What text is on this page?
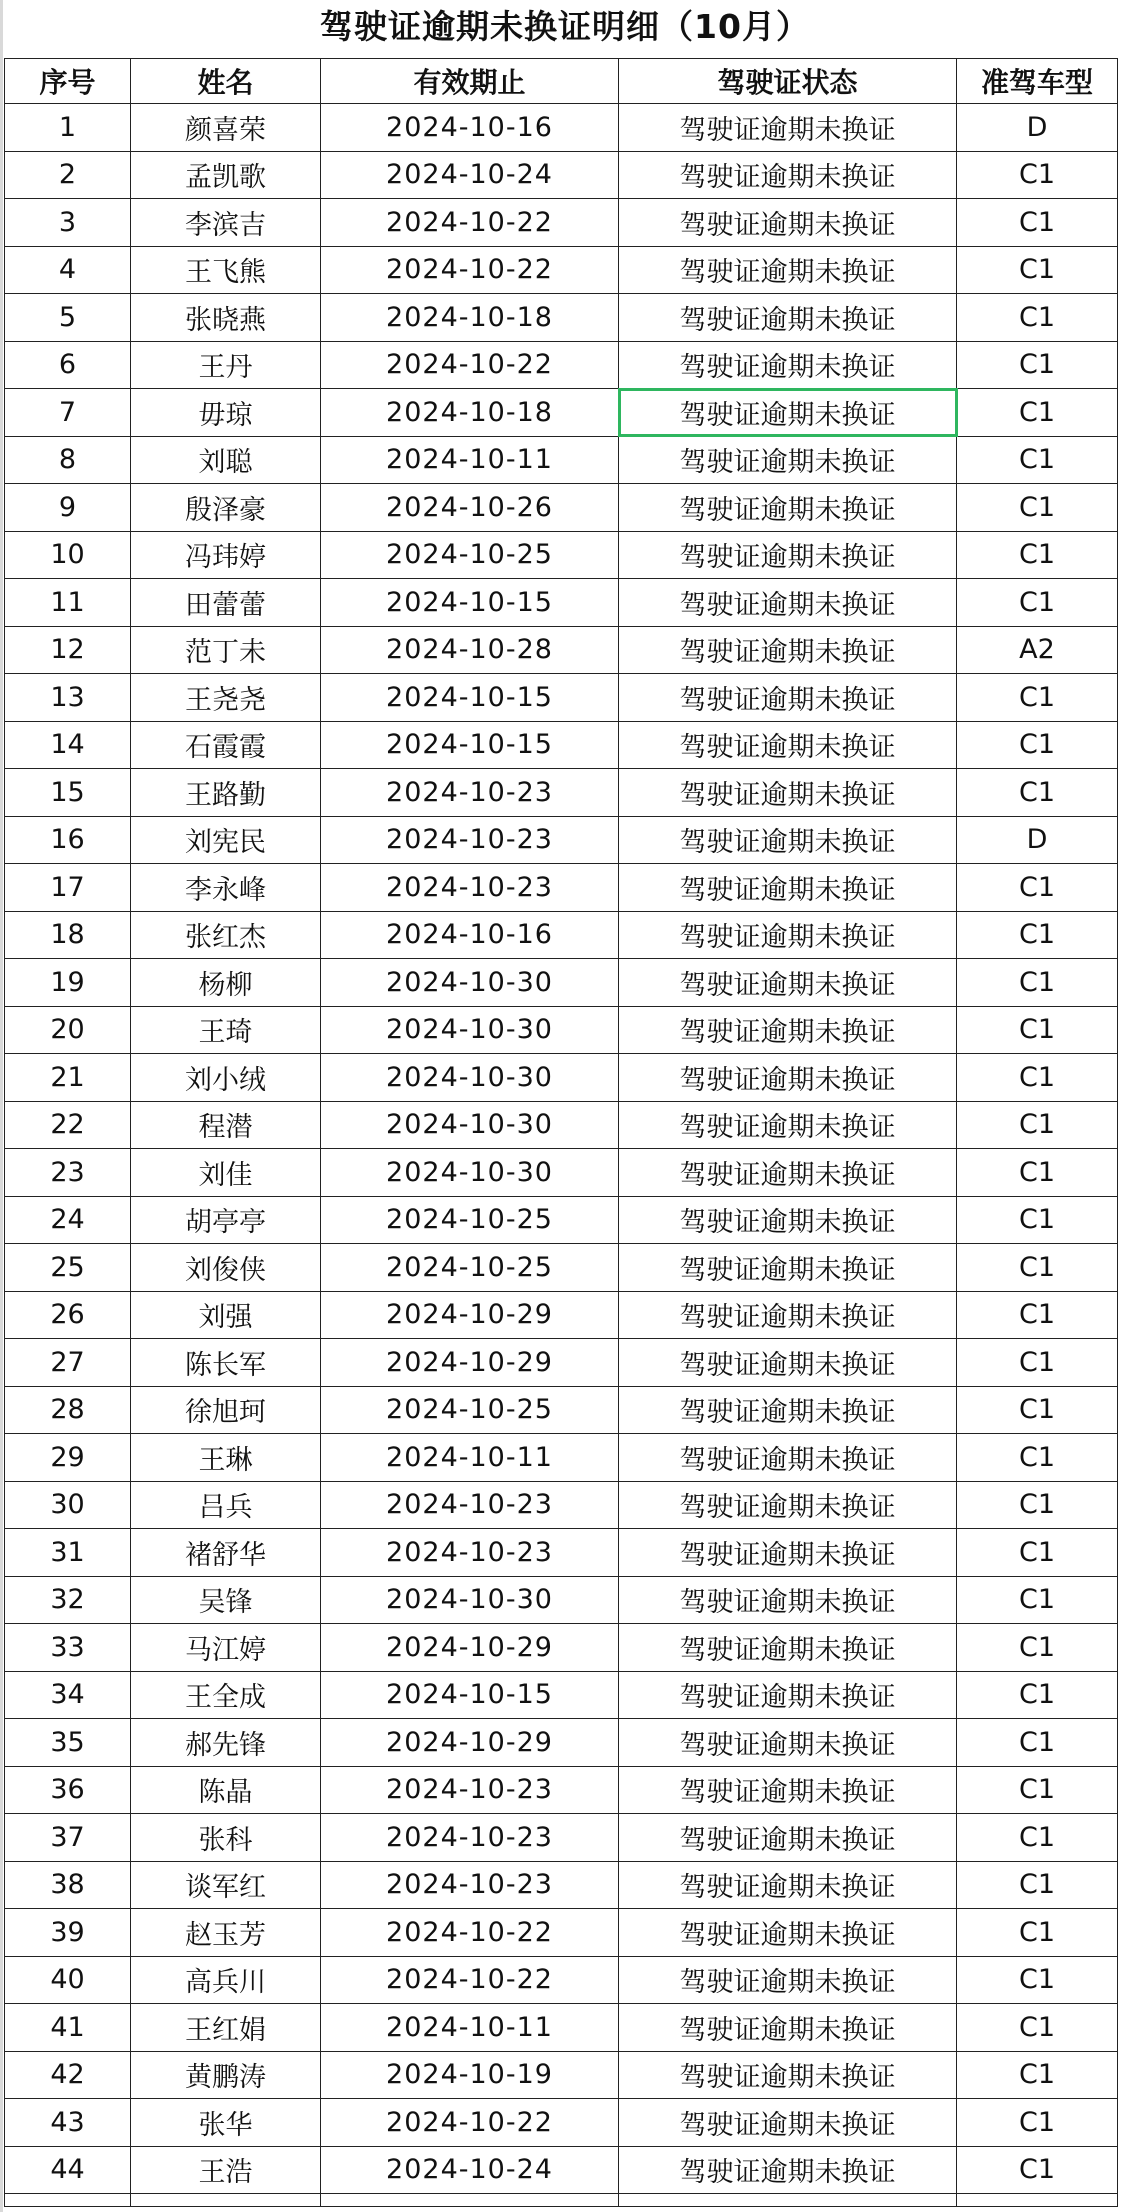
驾驶证逾期未换证明细（10月）
序号	姓名	有效期止	驾驶证状态	准驾车型
1	颜喜荣	2024-10-16	驾驶证逾期未换证	D
2	孟凯歌	2024-10-24	驾驶证逾期未换证	C1
3	李滨吉	2024-10-22	驾驶证逾期未换证	C1
4	王飞熊	2024-10-22	驾驶证逾期未换证	C1
5	张晓燕	2024-10-18	驾驶证逾期未换证	C1
6	王丹	2024-10-22	驾驶证逾期未换证	C1
7	毋琼	2024-10-18	驾驶证逾期未换证	C1
8	刘聪	2024-10-11	驾驶证逾期未换证	C1
9	殷泽豪	2024-10-26	驾驶证逾期未换证	C1
10	冯玮婷	2024-10-25	驾驶证逾期未换证	C1
11	田蕾蕾	2024-10-15	驾驶证逾期未换证	C1
12	范丁未	2024-10-28	驾驶证逾期未换证	A2
13	王尧尧	2024-10-15	驾驶证逾期未换证	C1
14	石霞霞	2024-10-15	驾驶证逾期未换证	C1
15	王路勤	2024-10-23	驾驶证逾期未换证	C1
16	刘宪民	2024-10-23	驾驶证逾期未换证	D
17	李永峰	2024-10-23	驾驶证逾期未换证	C1
18	张红杰	2024-10-16	驾驶证逾期未换证	C1
19	杨柳	2024-10-30	驾驶证逾期未换证	C1
20	王琦	2024-10-30	驾驶证逾期未换证	C1
21	刘小绒	2024-10-30	驾驶证逾期未换证	C1
22	程潜	2024-10-30	驾驶证逾期未换证	C1
23	刘佳	2024-10-30	驾驶证逾期未换证	C1
24	胡亭亭	2024-10-25	驾驶证逾期未换证	C1
25	刘俊侠	2024-10-25	驾驶证逾期未换证	C1
26	刘强	2024-10-29	驾驶证逾期未换证	C1
27	陈长军	2024-10-29	驾驶证逾期未换证	C1
28	徐旭珂	2024-10-25	驾驶证逾期未换证	C1
29	王琳	2024-10-11	驾驶证逾期未换证	C1
30	吕兵	2024-10-23	驾驶证逾期未换证	C1
31	褚舒华	2024-10-23	驾驶证逾期未换证	C1
32	吴锋	2024-10-30	驾驶证逾期未换证	C1
33	马江婷	2024-10-29	驾驶证逾期未换证	C1
34	王全成	2024-10-15	驾驶证逾期未换证	C1
35	郝先锋	2024-10-29	驾驶证逾期未换证	C1
36	陈晶	2024-10-23	驾驶证逾期未换证	C1
37	张科	2024-10-23	驾驶证逾期未换证	C1
38	谈军红	2024-10-23	驾驶证逾期未换证	C1
39	赵玉芳	2024-10-22	驾驶证逾期未换证	C1
40	高兵川	2024-10-22	驾驶证逾期未换证	C1
41	王红娟	2024-10-11	驾驶证逾期未换证	C1
42	黄鹏涛	2024-10-19	驾驶证逾期未换证	C1
43	张华	2024-10-22	驾驶证逾期未换证	C1
44	王浩	2024-10-24	驾驶证逾期未换证	C1
